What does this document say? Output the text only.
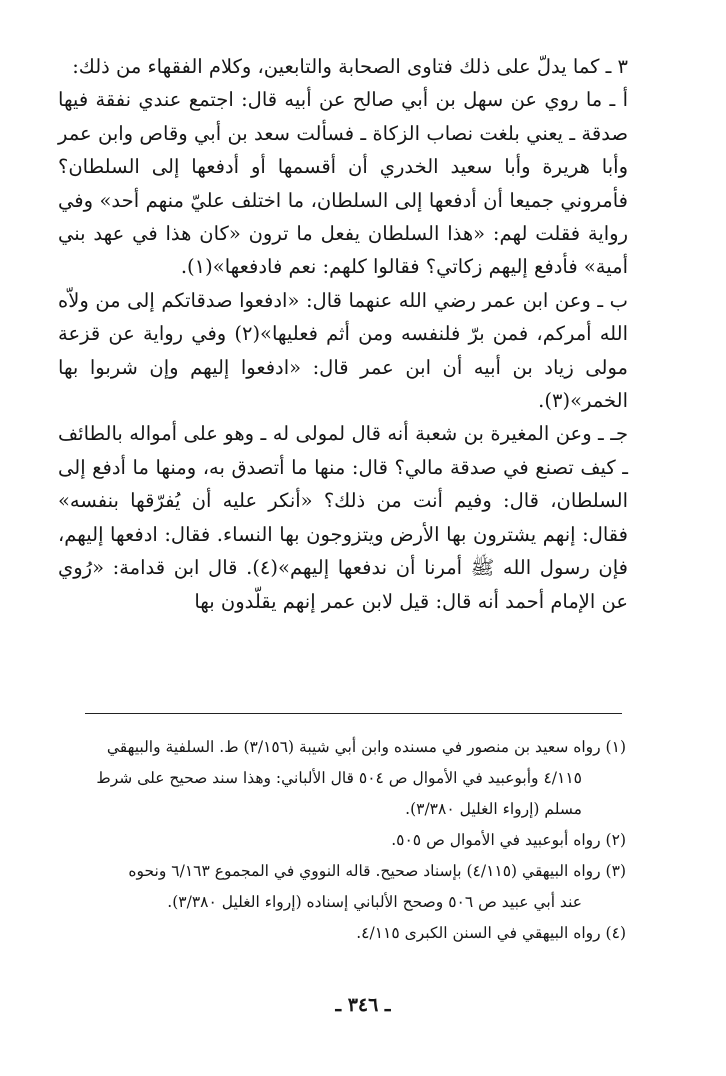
٣ ـ كما يدلّ على ذلك فتاوى الصحابة والتابعين، وكلام الفقهاء من ذلك:

أ ـ ما روي عن سهل بن أبي صالح عن أبيه قال: اجتمع عندي نفقة فيها صدقة ـ يعني بلغت نصاب الزكاة ـ فسألت سعد بن أبي وقاص وابن عمر وأبا هريرة وأبا سعيد الخدري أن أقسمها أو أدفعها إلى السلطان؟ فأمروني جميعا أن أدفعها إلى السلطان، ما اختلف عليّ منهم أحد» وفي رواية فقلت لهم: «هذا السلطان يفعل ما ترون «كان هذا في عهد بني أمية» فأدفع إليهم زكاتي؟ فقالوا كلهم: نعم فادفعها»(١).

ب ـ وعن ابن عمر رضي الله عنهما قال: «ادفعوا صدقاتكم إلى من ولاّه الله أمركم، فمن برّ فلنفسه ومن أثم فعليها»(٢) وفي رواية عن قزعة مولى زياد بن أبيه أن ابن عمر قال: «ادفعوا إليهم وإن شربوا بها الخمر»(٣).

جـ ـ وعن المغيرة بن شعبة أنه قال لمولى له ـ وهو على أمواله بالطائف ـ كيف تصنع في صدقة مالي؟ قال: منها ما أتصدق به، ومنها ما أدفع إلى السلطان، قال: وفيم أنت من ذلك؟ «أنكر عليه أن يُفرّقها بنفسه» فقال: إنهم يشترون بها الأرض ويتزوجون بها النساء. فقال: ادفعها إليهم، فإن رسول الله ﷺ أمرنا أن ندفعها إليهم»(٤). قال ابن قدامة: «رُوي عن الإمام أحمد أنه قال: قيل لابن عمر إنهم يقلّدون بها

(١) رواه سعيد بن منصور في مسنده وابن أبي شيبة (٣/١٥٦) ط. السلفية والبيهقي
٤/١١٥ وأبوعبيد في الأموال ص ٥٠٤ قال الألباني: وهذا سند صحيح على شرط
مسلم (إرواء الغليل ٣/٣٨٠).
(٢) رواه أبوعبيد في الأموال ص ٥٠٥.
(٣) رواه البيهقي (٤/١١٥) بإسناد صحيح. قاله النووي في المجموع ٦/١٦٣ ونحوه
عند أبي عبيد ص ٥٠٦ وصحح الألباني إسناده (إرواء الغليل ٣/٣٨٠).
(٤) رواه البيهقي في السنن الكبرى ٤/١١٥.
ـ ٣٤٦ ـ
